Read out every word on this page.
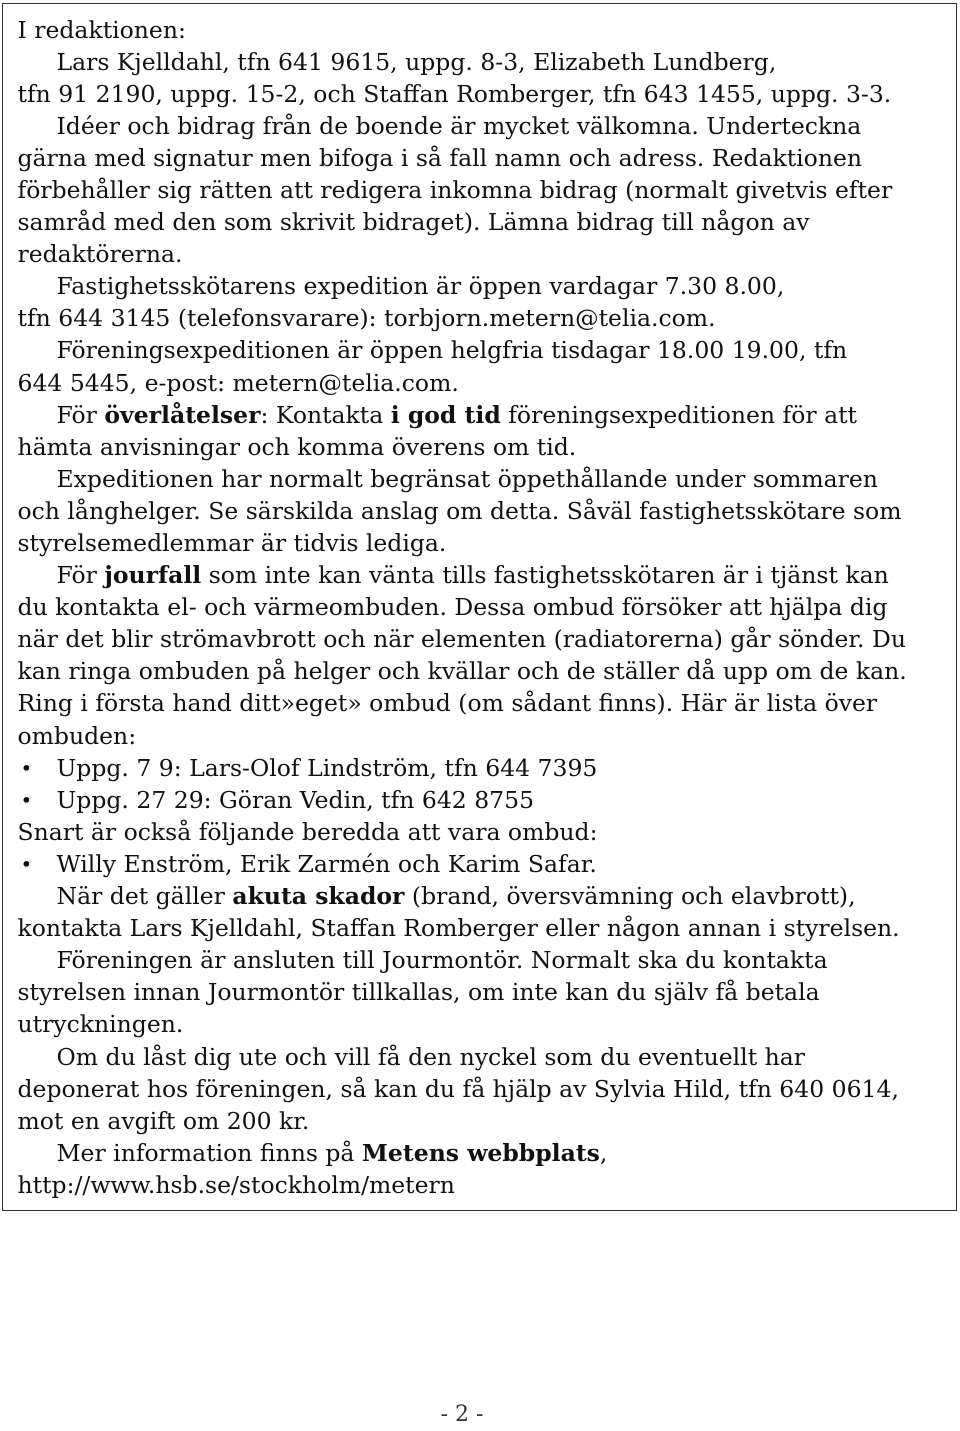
I redaktionen:
Lars Kjelldahl, tfn 641 9615, uppg. 8-3, Elizabeth Lundberg,
tfn 91 2190, uppg. 15-2, och Staffan Romberger, tfn 643 1455, uppg. 3-3.
Idéer och bidrag från de boende är mycket välkomna. Underteckna
gärna med signatur men bifoga i så fall namn och adress. Redaktionen
förbehåller sig rätten att redigera inkomna bidrag (normalt givetvis efter
samråd med den som skrivit bidraget). Lämna bidrag till någon av
redaktörerna.
Fastighetsskötarens expedition är öppen vardagar 7.30 8.00,
tfn 644 3145 (telefonsvarare): torbjorn.metern@telia.com.
Föreningsexpeditionen är öppen helgfria tisdagar 18.00 19.00, tfn
644 5445, e-post: metern@telia.com.
För överlåtelser: Kontakta i god tid föreningsexpeditionen för att
hämta anvisningar och komma överens om tid.
Expeditionen har normalt begränsat öppethållande under sommaren
och långhelger. Se särskilda anslag om detta. Såväl fastighetsskötare som
styrelsemedlemmar är tidvis lediga.
För jourfall som inte kan vänta tills fastighetsskötaren är i tjänst kan
du kontakta el- och värmeombuden. Dessa ombud försöker att hjälpa dig
när det blir strömavbrott och när elementen (radiatorerna) går sönder. Du
kan ringa ombuden på helger och kvällar och de ställer då upp om de kan.
Ring i första hand ditt»eget» ombud (om sådant finns). Här är lista över
ombuden:
• Uppg. 7 9: Lars-Olof Lindström, tfn 644 7395
• Uppg. 27 29: Göran Vedin, tfn 642 8755
Snart är också följande beredda att vara ombud:
• Willy Enström, Erik Zarmén och Karim Safar.
När det gäller akuta skador (brand, översvämning och elavbrott),
kontakta Lars Kjelldahl, Staffan Romberger eller någon annan i styrelsen.
Föreningen är ansluten till Jourmontör. Normalt ska du kontakta
styrelsen innan Jourmontör tillkallas, om inte kan du själv få betala
utryckningen.
Om du låst dig ute och vill få den nyckel som du eventuellt har
deponerat hos föreningen, så kan du få hjälp av Sylvia Hild, tfn 640 0614,
mot en avgift om 200 kr.
Mer information finns på Metens webbplats,
http://www.hsb.se/stockholm/metern
- 2 -
